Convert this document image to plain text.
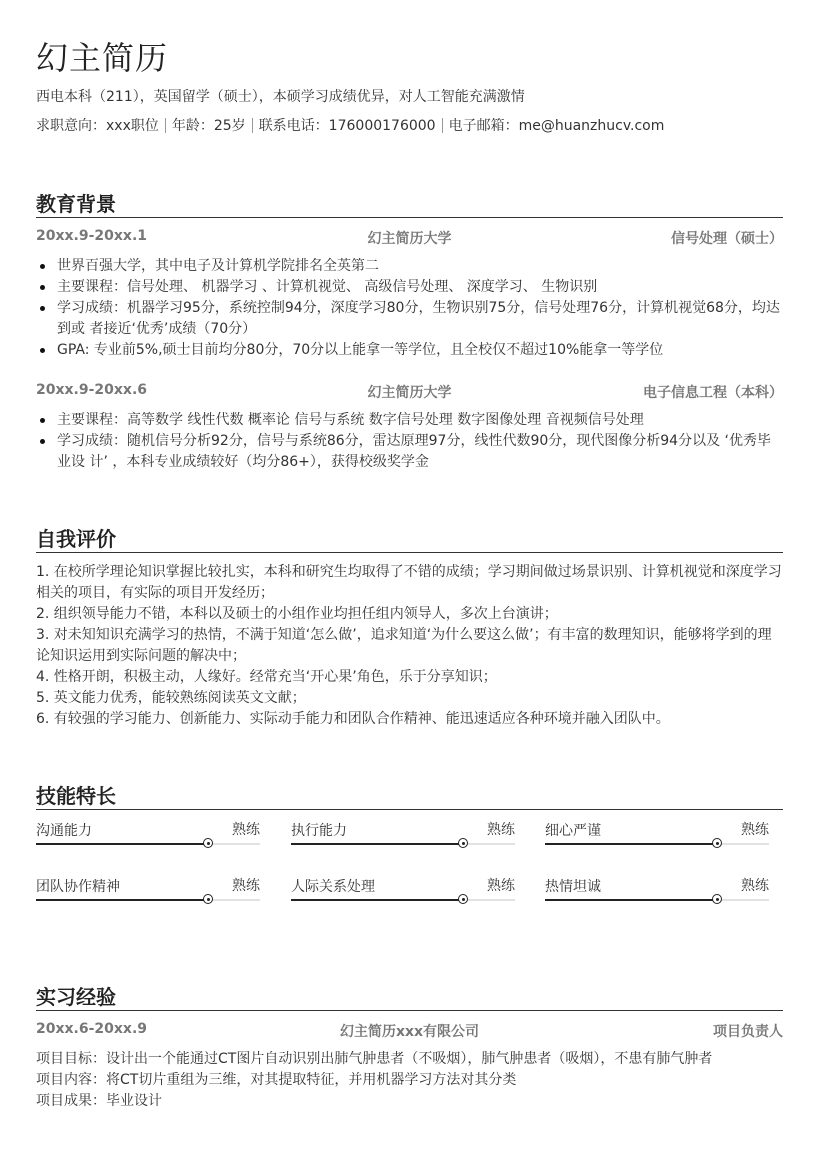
幻主简历
西电本科（211），英国留学（硕士），本硕学习成绩优异，对人工智能充满激情
求职意向：xxx职位 年龄：25岁 联系电话：176000176000 电子邮箱：me@huanzhucv.com
教育背景
20xx.9-20xx.1	幻主简历大学	信号处理（硕士）
世界百强大学，其中电子及计算机学院排名全英第二
主要课程：信号处理、 机器学习 、计算机视觉、 高级信号处理、 深度学习、 生物识别
学习成绩：机器学习95分，系统控制94分，深度学习80分，生物识别75分，信号处理76分，计算机视觉68分，均达到或 者接近‘优秀’成绩（70分）
GPA: 专业前5%,硕士目前均分80分，70分以上能拿一等学位，且全校仅不超过10%能拿一等学位
20xx.9-20xx.6	幻主简历大学	电子信息工程（本科）
主要课程：高等数学 线性代数 概率论 信号与系统 数字信号处理 数字图像处理 音视频信号处理
学习成绩：随机信号分析92分，信号与系统86分，雷达原理97分，线性代数90分，现代图像分析94分以及 ‘优秀毕业设 计’ ，本科专业成绩较好（均分86+），获得校级奖学金
自我评价
1. 在校所学理论知识掌握比较扎实，本科和研究生均取得了不错的成绩；学习期间做过场景识别、计算机视觉和深度学习相关的项目，有实际的项目开发经历；
2. 组织领导能力不错，本科以及硕士的小组作业均担任组内领导人，多次上台演讲；
3. 对未知知识充满学习的热情，不满于知道‘怎么做’，追求知道‘为什么要这么做’；有丰富的数理知识，能够将学到的理论知识运用到实际问题的解决中；
4. 性格开朗，积极主动，人缘好。经常充当‘开心果’角色，乐于分享知识；
5. 英文能力优秀，能较熟练阅读英文文献；
6. 有较强的学习能力、创新能力、实际动手能力和团队合作精神、能迅速适应各种环境并融入团队中。
技能特长
沟通能力	熟练 执行能力	熟练 细心严谨	熟练
团队协作精神	熟练 人际关系处理	熟练 热情坦诚	熟练
实习经验
20xx.6-20xx.9	幻主简历xxx有限公司	项目负责人
项目目标：设计出一个能通过CT图片自动识别出肺气肿患者（不吸烟），肺气肿患者（吸烟），不患有肺气肿者
项目内容：将CT切片重组为三维，对其提取特征，并用机器学习方法对其分类
项目成果：毕业设计
